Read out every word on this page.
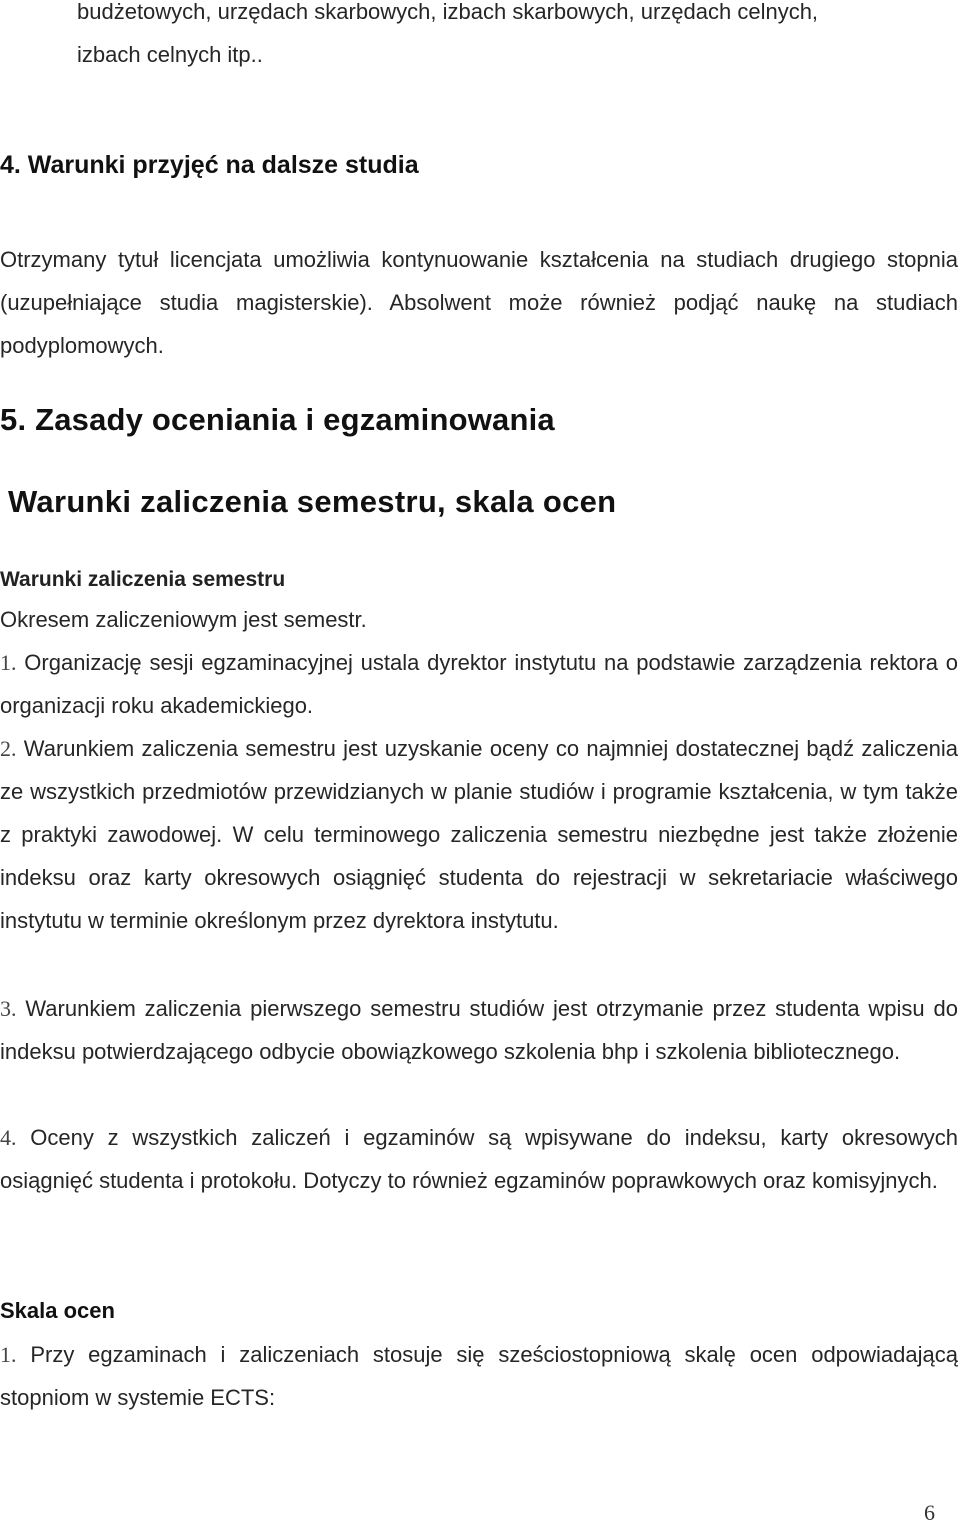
budżetowych, urzędach skarbowych, izbach skarbowych, urzędach celnych,
izbach celnych itp..

4. Warunki przyjęć na dalsze studia

Otrzymany tytuł licencjata umożliwia kontynuowanie kształcenia na studiach drugiego stopnia (uzupełniające studia magisterskie). Absolwent może również podjąć naukę na studiach podyplomowych.

5. Zasady oceniania i egzaminowania
Warunki zaliczenia semestru, skala ocen
Warunki zaliczenia semestru

Okresem zaliczeniowym jest semestr.

1. Organizację sesji egzaminacyjnej ustala dyrektor instytutu na podstawie zarządzenia rektora o organizacji roku akademickiego.

2. Warunkiem zaliczenia semestru jest uzyskanie oceny co najmniej dostatecznej bądź zaliczenia ze wszystkich przedmiotów przewidzianych w planie studiów i programie kształcenia, w tym także z praktyki zawodowej. W celu terminowego zaliczenia semestru niezbędne jest także złożenie indeksu oraz karty okresowych osiągnięć studenta do rejestracji w sekretariacie właściwego instytutu w terminie określonym przez dyrektora instytutu.

3. Warunkiem zaliczenia pierwszego semestru studiów jest otrzymanie przez studenta wpisu do indeksu potwierdzającego odbycie obowiązkowego szkolenia bhp i szkolenia bibliotecznego.

4. Oceny z wszystkich zaliczeń i egzaminów są wpisywane do indeksu, karty okresowych osiągnięć studenta i protokołu. Dotyczy to również egzaminów poprawkowych oraz komisyjnych.

Skala ocen

1. Przy egzaminach i zaliczeniach stosuje się sześciostopniową skalę ocen odpowiadającą stopniom w systemie ECTS:

6
